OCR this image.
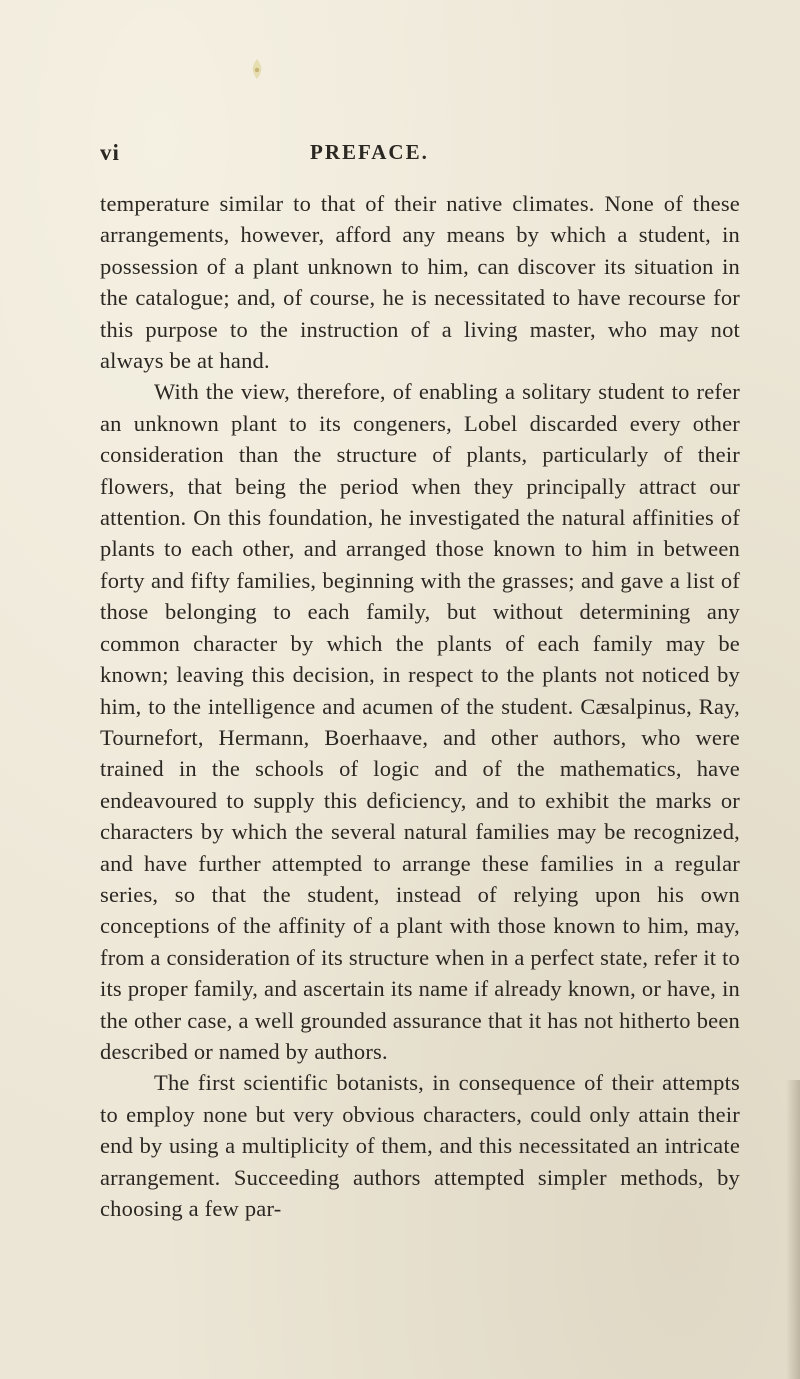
vi	PREFACE.

temperature similar to that of their native climates. None of these arrangements, however, afford any means by which a student, in possession of a plant unknown to him, can discover its situation in the catalogue; and, of course, he is necessitated to have recourse for this purpose to the instruction of a living master, who may not always be at hand.

With the view, therefore, of enabling a solitary student to refer an unknown plant to its congeners, Lobel discarded every other consideration than the structure of plants, particularly of their flowers, that being the period when they principally attract our attention. On this foundation, he investigated the natural affinities of plants to each other, and arranged those known to him in between forty and fifty families, beginning with the grasses; and gave a list of those belonging to each family, but without determining any common character by which the plants of each family may be known; leaving this decision, in respect to the plants not noticed by him, to the intelligence and acumen of the student. Cæsalpinus, Ray, Tournefort, Hermann, Boerhaave, and other authors, who were trained in the schools of logic and of the mathematics, have endeavoured to supply this deficiency, and to exhibit the marks or characters by which the several natural families may be recognized, and have further attempted to arrange these families in a regular series, so that the student, instead of relying upon his own conceptions of the affinity of a plant with those known to him, may, from a consideration of its structure when in a perfect state, refer it to its proper family, and ascertain its name if already known, or have, in the other case, a well grounded assurance that it has not hitherto been described or named by authors.

The first scientific botanists, in consequence of their attempts to employ none but very obvious characters, could only attain their end by using a multiplicity of them, and this necessitated an intricate arrangement. Succeeding authors attempted simpler methods, by choosing a few par-
